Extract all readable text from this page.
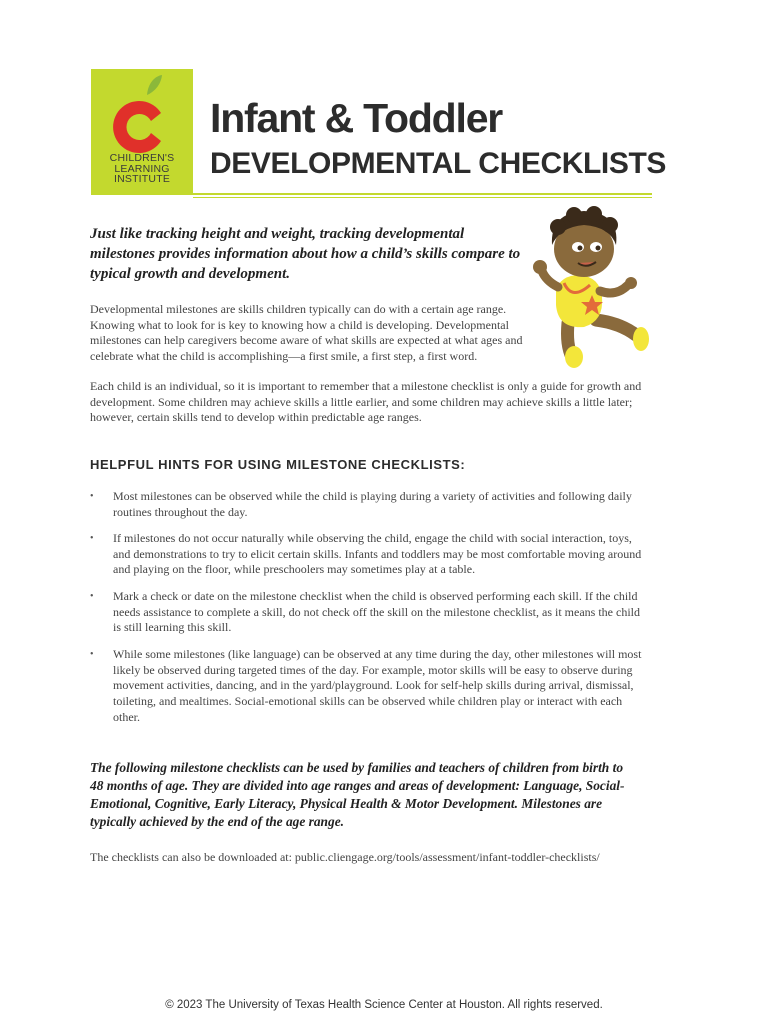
CHILDREN'S
LEARNING
INSTITUTE
Infant & Toddler
DEVELOPMENTAL CHECKLISTS

Just like tracking height and weight, tracking developmental milestones provides information about how a child’s skills compare to typical growth and development.

Developmental milestones are skills children typically can do with a certain age range. Knowing what to look for is key to knowing how a child is developing. Developmental milestones can help caregivers become aware of what skills are expected at what ages and celebrate what the child is accomplishing—a first smile, a first step, a first word.

Each child is an individual, so it is important to remember that a milestone checklist is only a guide for growth and development. Some children may achieve skills a little earlier, and some children may achieve skills a little later; however, certain skills tend to develop within predictable age ranges.

HELPFUL HINTS FOR USING MILESTONE CHECKLISTS:
• Most milestones can be observed while the child is playing during a variety of activities and following daily routines throughout the day.
• If milestones do not occur naturally while observing the child, engage the child with social interaction, toys, and demonstrations to try to elicit certain skills. Infants and toddlers may be most comfortable moving around and playing on the floor, while preschoolers may sometimes play at a table.
• Mark a check or date on the milestone checklist when the child is observed performing each skill. If the child needs assistance to complete a skill, do not check off the skill on the milestone checklist, as it means the child is still learning this skill.
• While some milestones (like language) can be observed at any time during the day, other milestones will most likely be observed during targeted times of the day. For example, motor skills will be easy to observe during movement activities, dancing, and in the yard/playground. Look for self-help skills during arrival, dismissal, toileting, and mealtimes. Social-emotional skills can be observed while children play or interact with each other.

The following milestone checklists can be used by families and teachers of children from birth to 48 months of age. They are divided into age ranges and areas of development: Language, Social-Emotional, Cognitive, Early Literacy, Physical Health & Motor Development. Milestones are typically achieved by the end of the age range.

The checklists can also be downloaded at: public.cliengage.org/tools/assessment/infant-toddler-checklists/

© 2023 The University of Texas Health Science Center at Houston. All rights reserved.
